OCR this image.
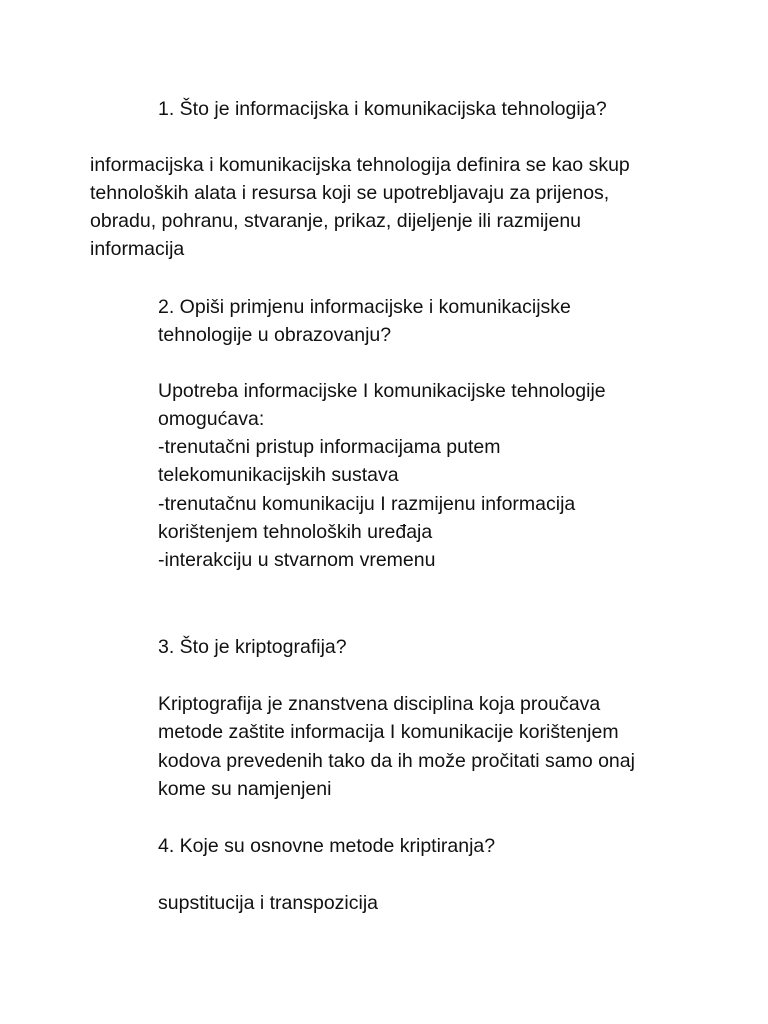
1. Što je informacijska i komunikacijska tehnologija?

informacijska i komunikacijska tehnologija definira se kao skup

tehnoloških alata i resursa koji se upotrebljavaju za prijenos,

obradu, pohranu, stvaranje, prikaz, dijeljenje ili razmijenu

informacija

2. Opiši primjenu informacijske i komunikacijske

tehnologije u obrazovanju?

Upotreba informacijske I komunikacijske tehnologije

omogućava:

-trenutačni pristup informacijama putem

telekomunikacijskih sustava

-trenutačnu komunikaciju I razmijenu informacija

korištenjem tehnoloških uređaja

-interakciju u stvarnom vremenu

3. Što je kriptografija?

Kriptografija je znanstvena disciplina koja proučava

metode zaštite informacija I komunikacije korištenjem

kodova prevedenih tako da ih može pročitati samo onaj

kome su namjenjeni

4. Koje su osnovne metode kriptiranja?

supstitucija i transpozicija
